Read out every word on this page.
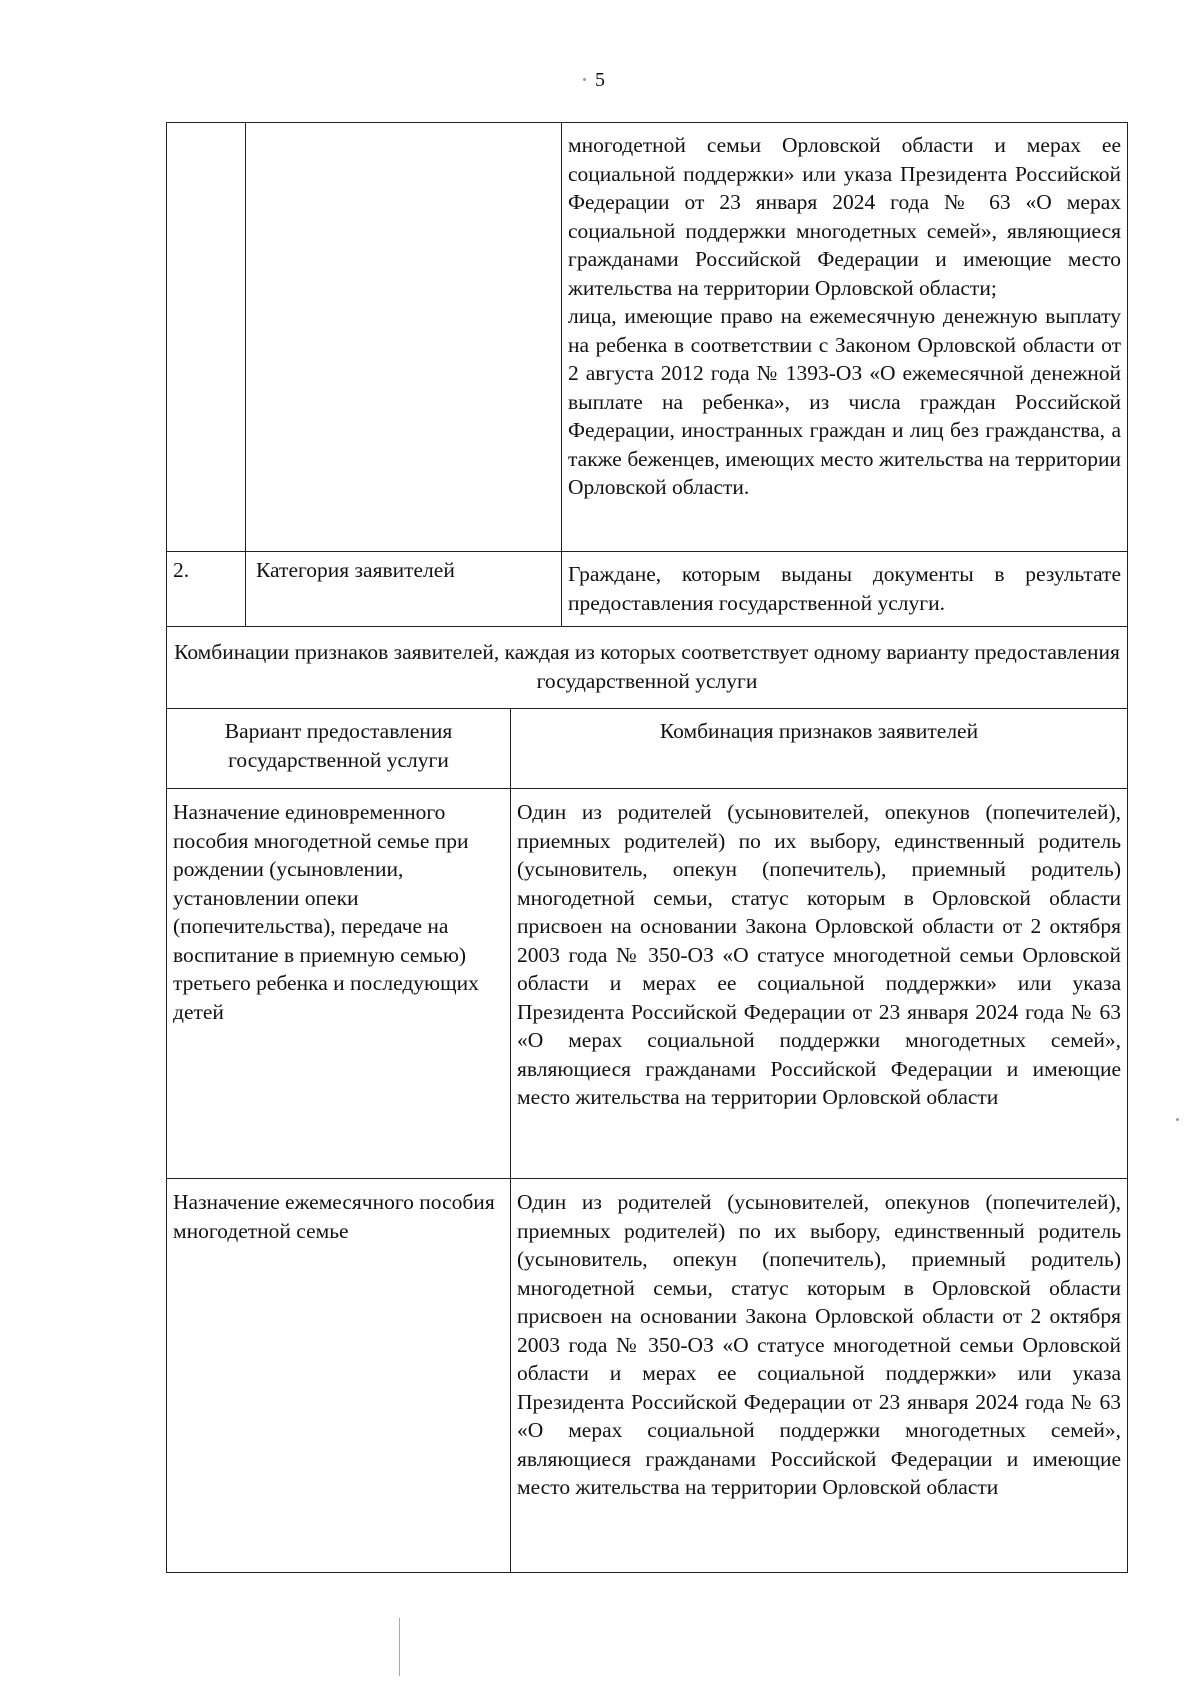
5

		многодетной семьи Орловской области и мерах ее социальной поддержки» или указа Президента Российской Федерации от 23 января 2024 года № 63 «О мерах социальной поддержки многодетных семей», являющиеся гражданами Российской Федерации и имеющие место жительства на территории Орловской области;

лица, имеющие право на ежемесячную денежную выплату на ребенка в соответствии с Законом Орловской области от 2 августа 2012 года № 1393-ОЗ «О ежемесячной денежной выплате на ребенка», из числа граждан Российской Федерации, иностранных граждан и лиц без гражданства, а также беженцев, имеющих место жительства на территории Орловской области.

2.	Категория заявителей	Граждане, которым выданы документы в результате предоставления государственной услуги.
Комбинации признаков заявителей, каждая из которых соответствует одному варианту предоставления государственной услуги
Вариант предоставления государственной услуги	Комбинация признаков заявителей
Назначение единовременного пособия многодетной семье при рождении (усыновлении, установлении опеки (попечительства), передаче на воспитание в приемную семью) третьего ребенка и последующих детей	Один из родителей (усыновителей, опекунов (попечителей), приемных родителей) по их выбору, единственный родитель (усыновитель, опекун (попечитель), приемный родитель) многодетной семьи, статус которым в Орловской области присвоен на основании Закона Орловской области от 2 октября 2003 года № 350-ОЗ «О статусе многодетной семьи Орловской области и мерах ее социальной поддержки» или указа Президента Российской Федерации от 23 января 2024 года № 63 «О мерах социальной поддержки многодетных семей», являющиеся гражданами Российской Федерации и имеющие место жительства на территории Орловской области
Назначение ежемесячного пособия многодетной семье	Один из родителей (усыновителей, опекунов (попечителей), приемных родителей) по их выбору, единственный родитель (усыновитель, опекун (попечитель), приемный родитель) многодетной семьи, статус которым в Орловской области присвоен на основании Закона Орловской области от 2 октября 2003 года № 350-ОЗ «О статусе многодетной семьи Орловской области и мерах ее социальной поддержки» или указа Президента Российской Федерации от 23 января 2024 года № 63 «О мерах социальной поддержки многодетных семей», являющиеся гражданами Российской Федерации и имеющие место жительства на территории Орловской области
